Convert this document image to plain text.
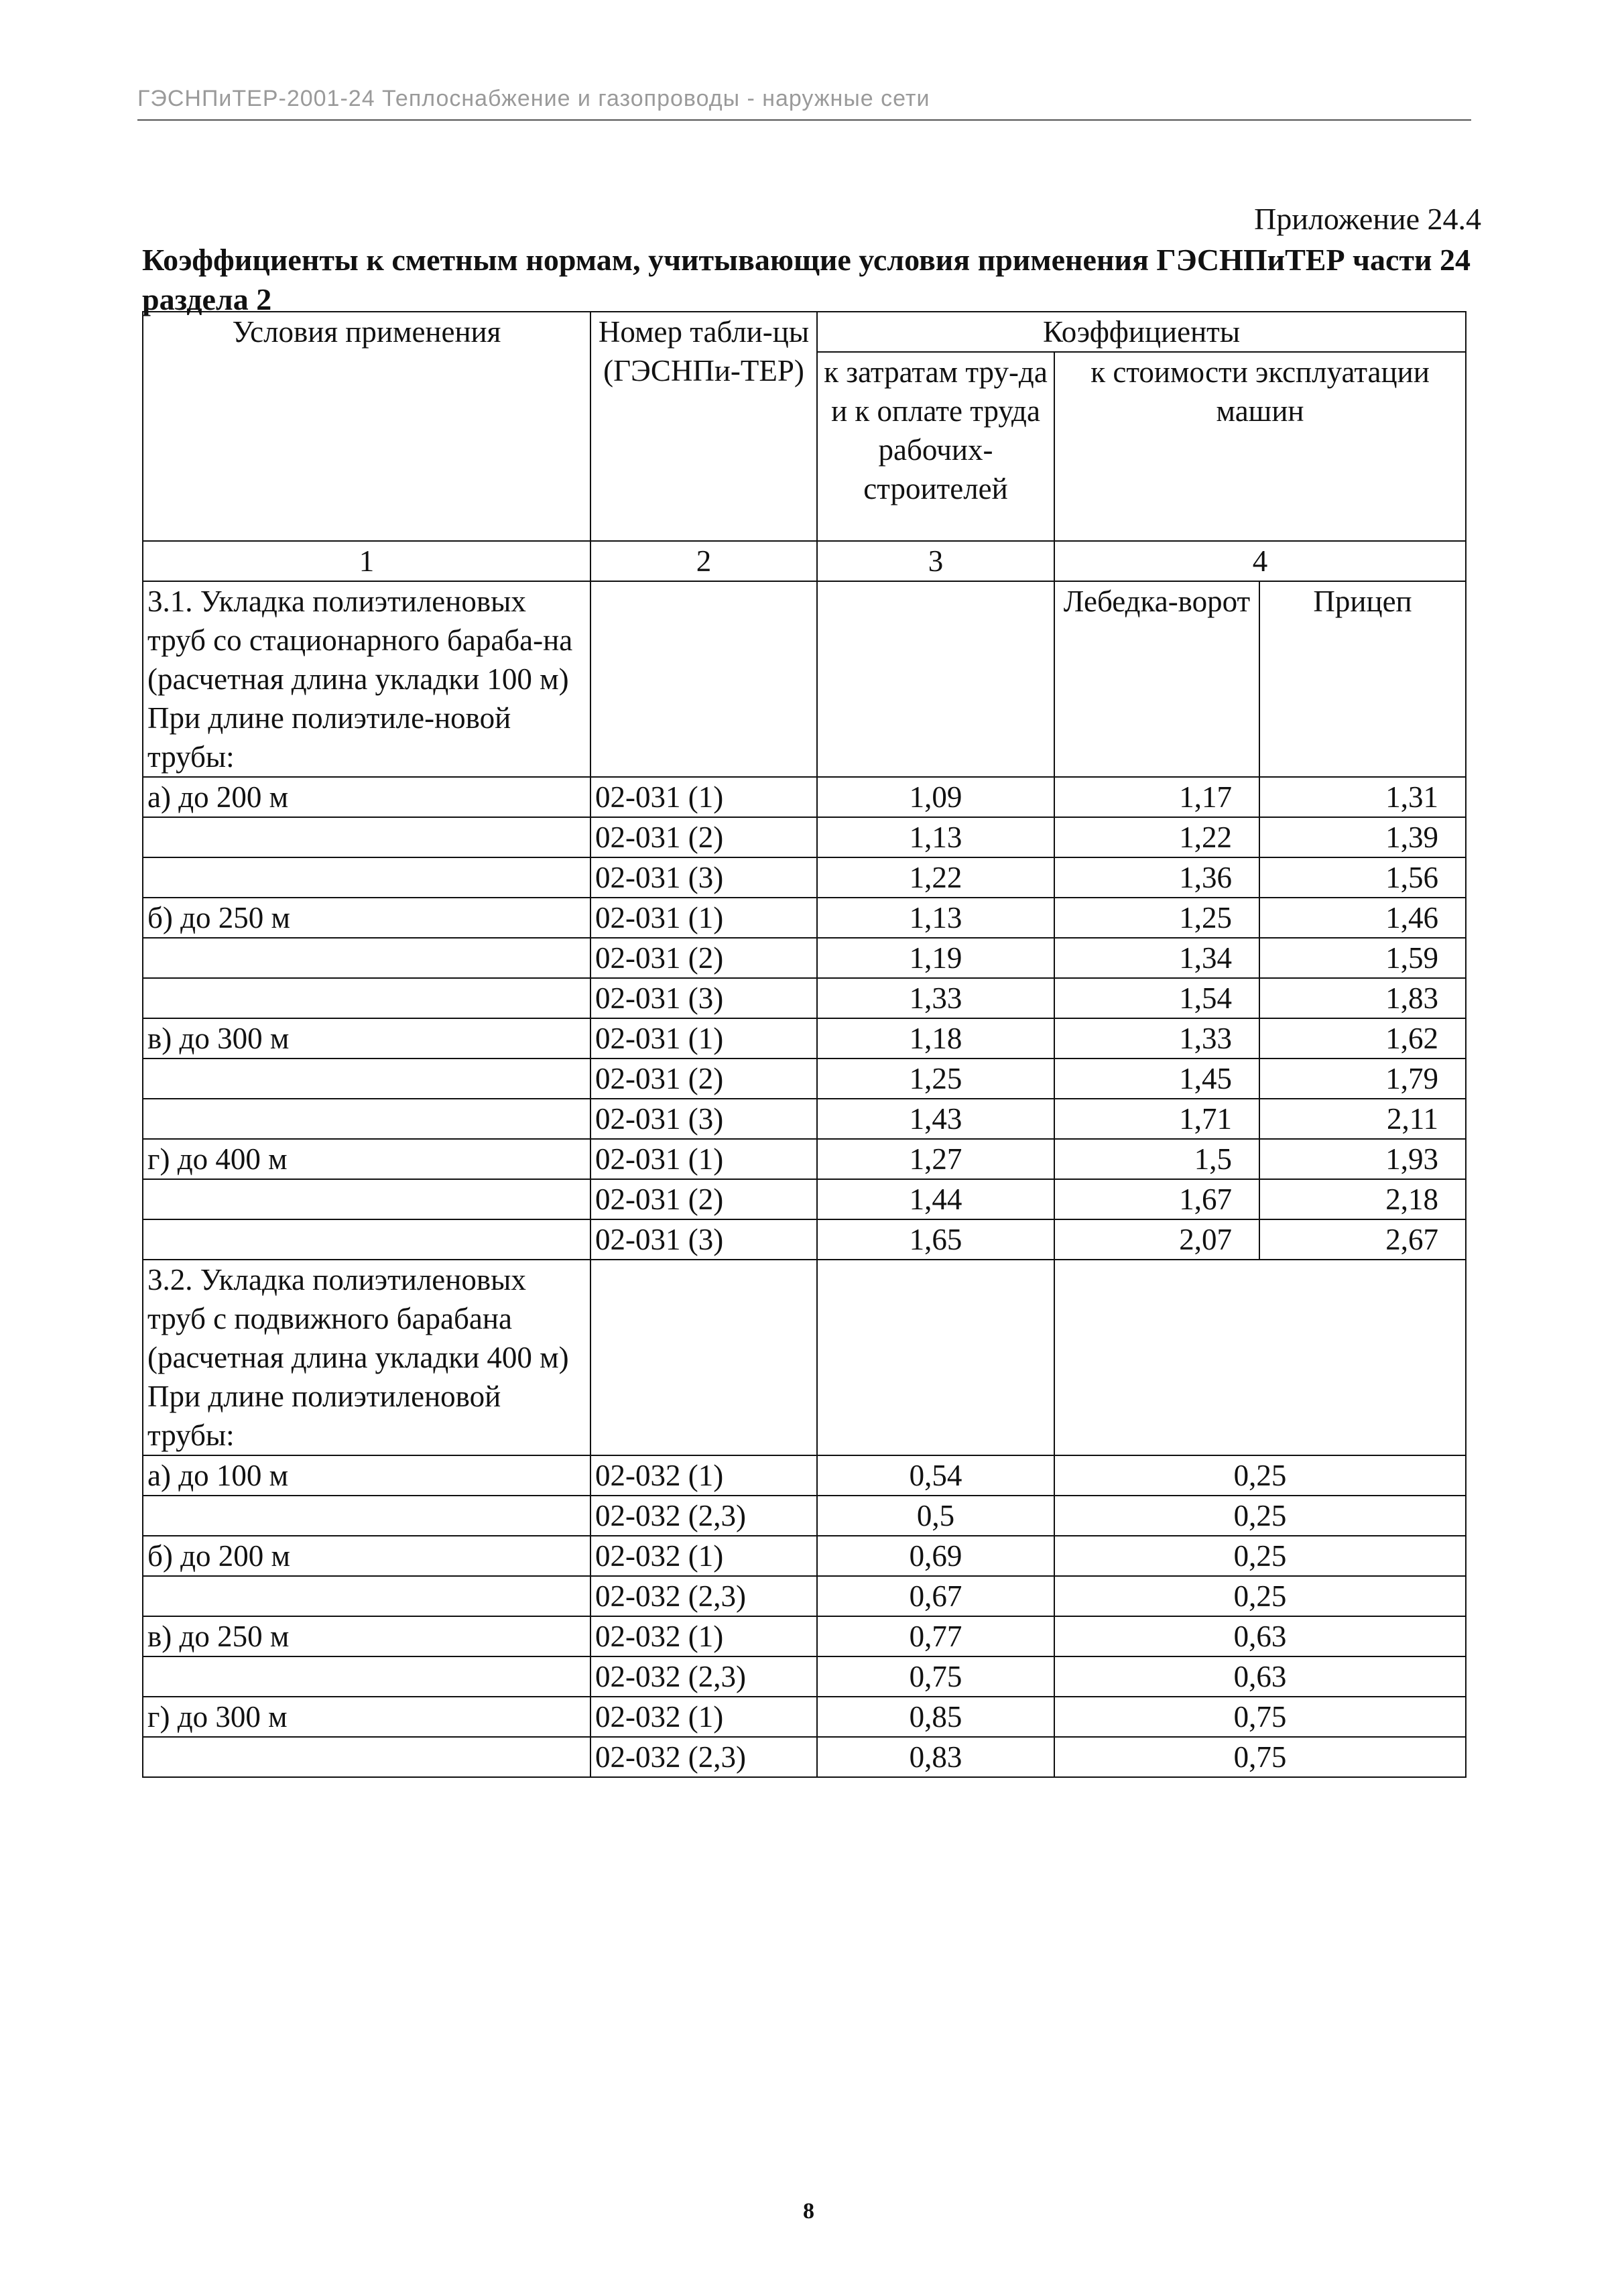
ГЭСНПиТЕР-2001-24 Теплоснабжение и газопроводы - наружные сети
Приложение 24.4
Коэффициенты к сметным нормам, учитывающие условия применения ГЭСНПиТЕР части 24 раздела 2
Условия применения	Номер табли-цы (ГЭСНПи-ТЕР)	Коэффициенты		
		к затратам тру-да и к оплате труда рабочих-строителей	к стоимости эксплуатации машин	
1	2	3	4	
3.1. Укладка полиэтиленовых труб со стационарного бараба-на (расчетная длина укладки 100 м) При длине полиэтиле-новой трубы:			Лебедка-ворот	Прицеп
а) до 200 м	02-031 (1)	1,09	1,17	1,31
	02-031 (2)	1,13	1,22	1,39
	02-031 (3)	1,22	1,36	1,56
б) до 250 м	02-031 (1)	1,13	1,25	1,46
	02-031 (2)	1,19	1,34	1,59
	02-031 (3)	1,33	1,54	1,83
в) до 300 м	02-031 (1)	1,18	1,33	1,62
	02-031 (2)	1,25	1,45	1,79
	02-031 (3)	1,43	1,71	2,11
г) до 400 м	02-031 (1)	1,27	1,5	1,93
	02-031 (2)	1,44	1,67	2,18
	02-031 (3)	1,65	2,07	2,67

3.2. Укладка полиэтиленовых труб с подвижного барабана (расчетная длина укладки 400 м)
При длине полиэтиленовой трубы:				

а) до 100 м	02-032 (1)	0,54	0,25	
	02-032 (2,3)	0,5	0,25	
б) до 200 м	02-032 (1)	0,69	0,25	
	02-032 (2,3)	0,67	0,25	
в) до 250 м	02-032 (1)	0,77	0,63	
	02-032 (2,3)	0,75	0,63	
г) до 300 м	02-032 (1)	0,85	0,75	
	02-032 (2,3)	0,83	0,75	
8
